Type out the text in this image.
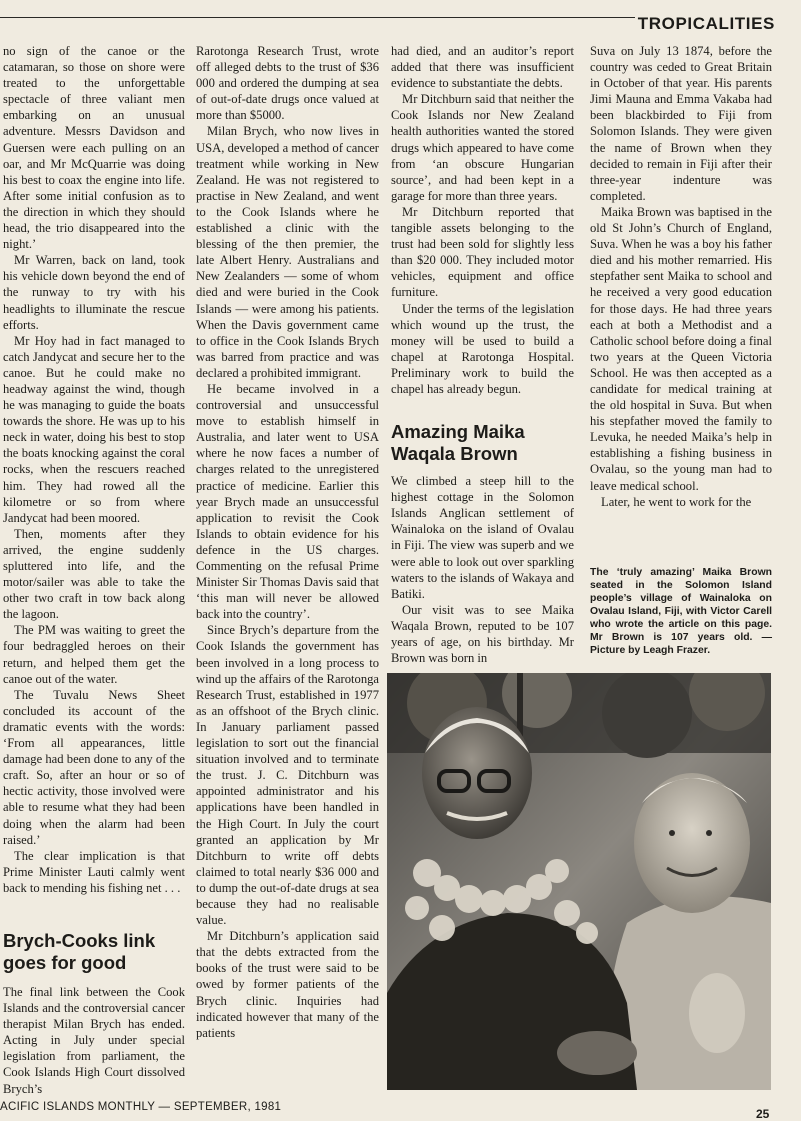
TROPICALITIES

no sign of the canoe or the catamaran, so those on shore were treated to the unforgettable spectacle of three valiant men embarking on an unusual adventure. Messrs Davidson and Guersen were each pulling on an oar, and Mr McQuarrie was doing his best to coax the engine into life. After some initial confusion as to the direction in which they should head, the trio disappeared into the night.’

Mr Warren, back on land, took his vehicle down beyond the end of the runway to try with his headlights to illuminate the rescue efforts.

Mr Hoy had in fact managed to catch Jandycat and secure her to the canoe. But he could make no headway against the wind, though he was managing to guide the boats towards the shore. He was up to his neck in water, doing his best to stop the boats knocking against the coral rocks, when the rescuers reached him. They had rowed all the kilometre or so from where Jandycat had been moored.

Then, moments after they arrived, the engine suddenly spluttered into life, and the motor/sailer was able to take the other two craft in tow back along the lagoon.

The PM was waiting to greet the four bedraggled heroes on their return, and helped them get the canoe out of the water.

The Tuvalu News Sheet concluded its account of the dramatic events with the words: ‘From all appearances, little damage had been done to any of the craft. So, after an hour or so of hectic activity, those involved were able to resume what they had been doing when the alarm had been raised.’

The clear implication is that Prime Minister Lauti calmly went back to mending his fishing net . . .

Brych-Cooks link goes for good

The final link between the Cook Islands and the controversial cancer therapist Milan Brych has ended. Acting in July under special legislation from parliament, the Cook Islands High Court dissolved Brych’s

Rarotonga Research Trust, wrote off alleged debts to the trust of $36 000 and ordered the dumping at sea of out-of-date drugs once valued at more than $5000.

Milan Brych, who now lives in USA, developed a method of cancer treatment while working in New Zealand. He was not registered to practise in New Zealand, and went to the Cook Islands where he established a clinic with the blessing of the then premier, the late Albert Henry. Australians and New Zealanders — some of whom died and were buried in the Cook Islands — were among his patients. When the Davis government came to office in the Cook Islands Brych was barred from practice and was declared a prohibited immigrant.

He became involved in a controversial and unsuccessful move to establish himself in Australia, and later went to USA where he now faces a number of charges related to the unregistered practice of medicine. Earlier this year Brych made an unsuccessful application to revisit the Cook Islands to obtain evidence for his defence in the US charges. Commenting on the refusal Prime Minister Sir Thomas Davis said that ‘this man will never be allowed back into the country’.

Since Brych’s departure from the Cook Islands the government has been involved in a long process to wind up the affairs of the Rarotonga Research Trust, established in 1977 as an offshoot of the Brych clinic. In January parliament passed legislation to sort out the financial situation involved and to terminate the trust. J. C. Ditchburn was appointed administrator and his applications have been handled in the High Court. In July the court granted an application by Mr Ditchburn to write off debts claimed to total nearly $36 000 and to dump the out-of-date drugs at sea because they had no realisable value.

Mr Ditchburn’s application said that the debts extracted from the books of the trust were said to be owed by former patients of the Brych clinic. Inquiries had indicated however that many of the patients

had died, and an auditor’s report added that there was insufficient evidence to substantiate the debts.

Mr Ditchburn said that neither the Cook Islands nor New Zealand health authorities wanted the stored drugs which appeared to have come from ‘an obscure Hungarian source’, and had been kept in a garage for more than three years.

Mr Ditchburn reported that tangible assets belonging to the trust had been sold for slightly less than $20 000. They included motor vehicles, equipment and office furniture.

Under the terms of the legislation which wound up the trust, the money will be used to build a chapel at Rarotonga Hospital. Preliminary work to build the chapel has already begun.

Amazing Maika Waqala Brown

We climbed a steep hill to the highest cottage in the Solomon Islands Anglican settlement of Wainaloka on the island of Ovalau in Fiji. The view was superb and we were able to look out over sparkling waters to the islands of Wakaya and Batiki.

Our visit was to see Maika Waqala Brown, reputed to be 107 years of age, on his birthday. Mr Brown was born in

Suva on July 13 1874, before the country was ceded to Great Britain in October of that year. His parents Jimi Mauna and Emma Vakaba had been blackbirded to Fiji from Solomon Islands. They were given the name of Brown when they decided to remain in Fiji after their three-year indenture was completed.

Maika Brown was baptised in the old St John’s Church of England, Suva. When he was a boy his father died and his mother remarried. His stepfather sent Maika to school and he received a very good education for those days. He had three years each at both a Methodist and a Catholic school before doing a final two years at the Queen Victoria School. He was then accepted as a candidate for medical training at the old hospital in Suva. But when his stepfather moved the family to Levuka, he needed Maika’s help in establishing a fishing business in Ovalau, so the young man had to leave medical school.

Later, he went to work for the

The ‘truly amazing’ Maika Brown seated in the Solomon Island people’s village of Wainaloka on Ovalau Island, Fiji, with Victor Carell who wrote the article on this page. Mr Brown is 107 years old. — Picture by Leagh Frazer.
ACIFIC ISLANDS MONTHLY — SEPTEMBER, 1981	25
